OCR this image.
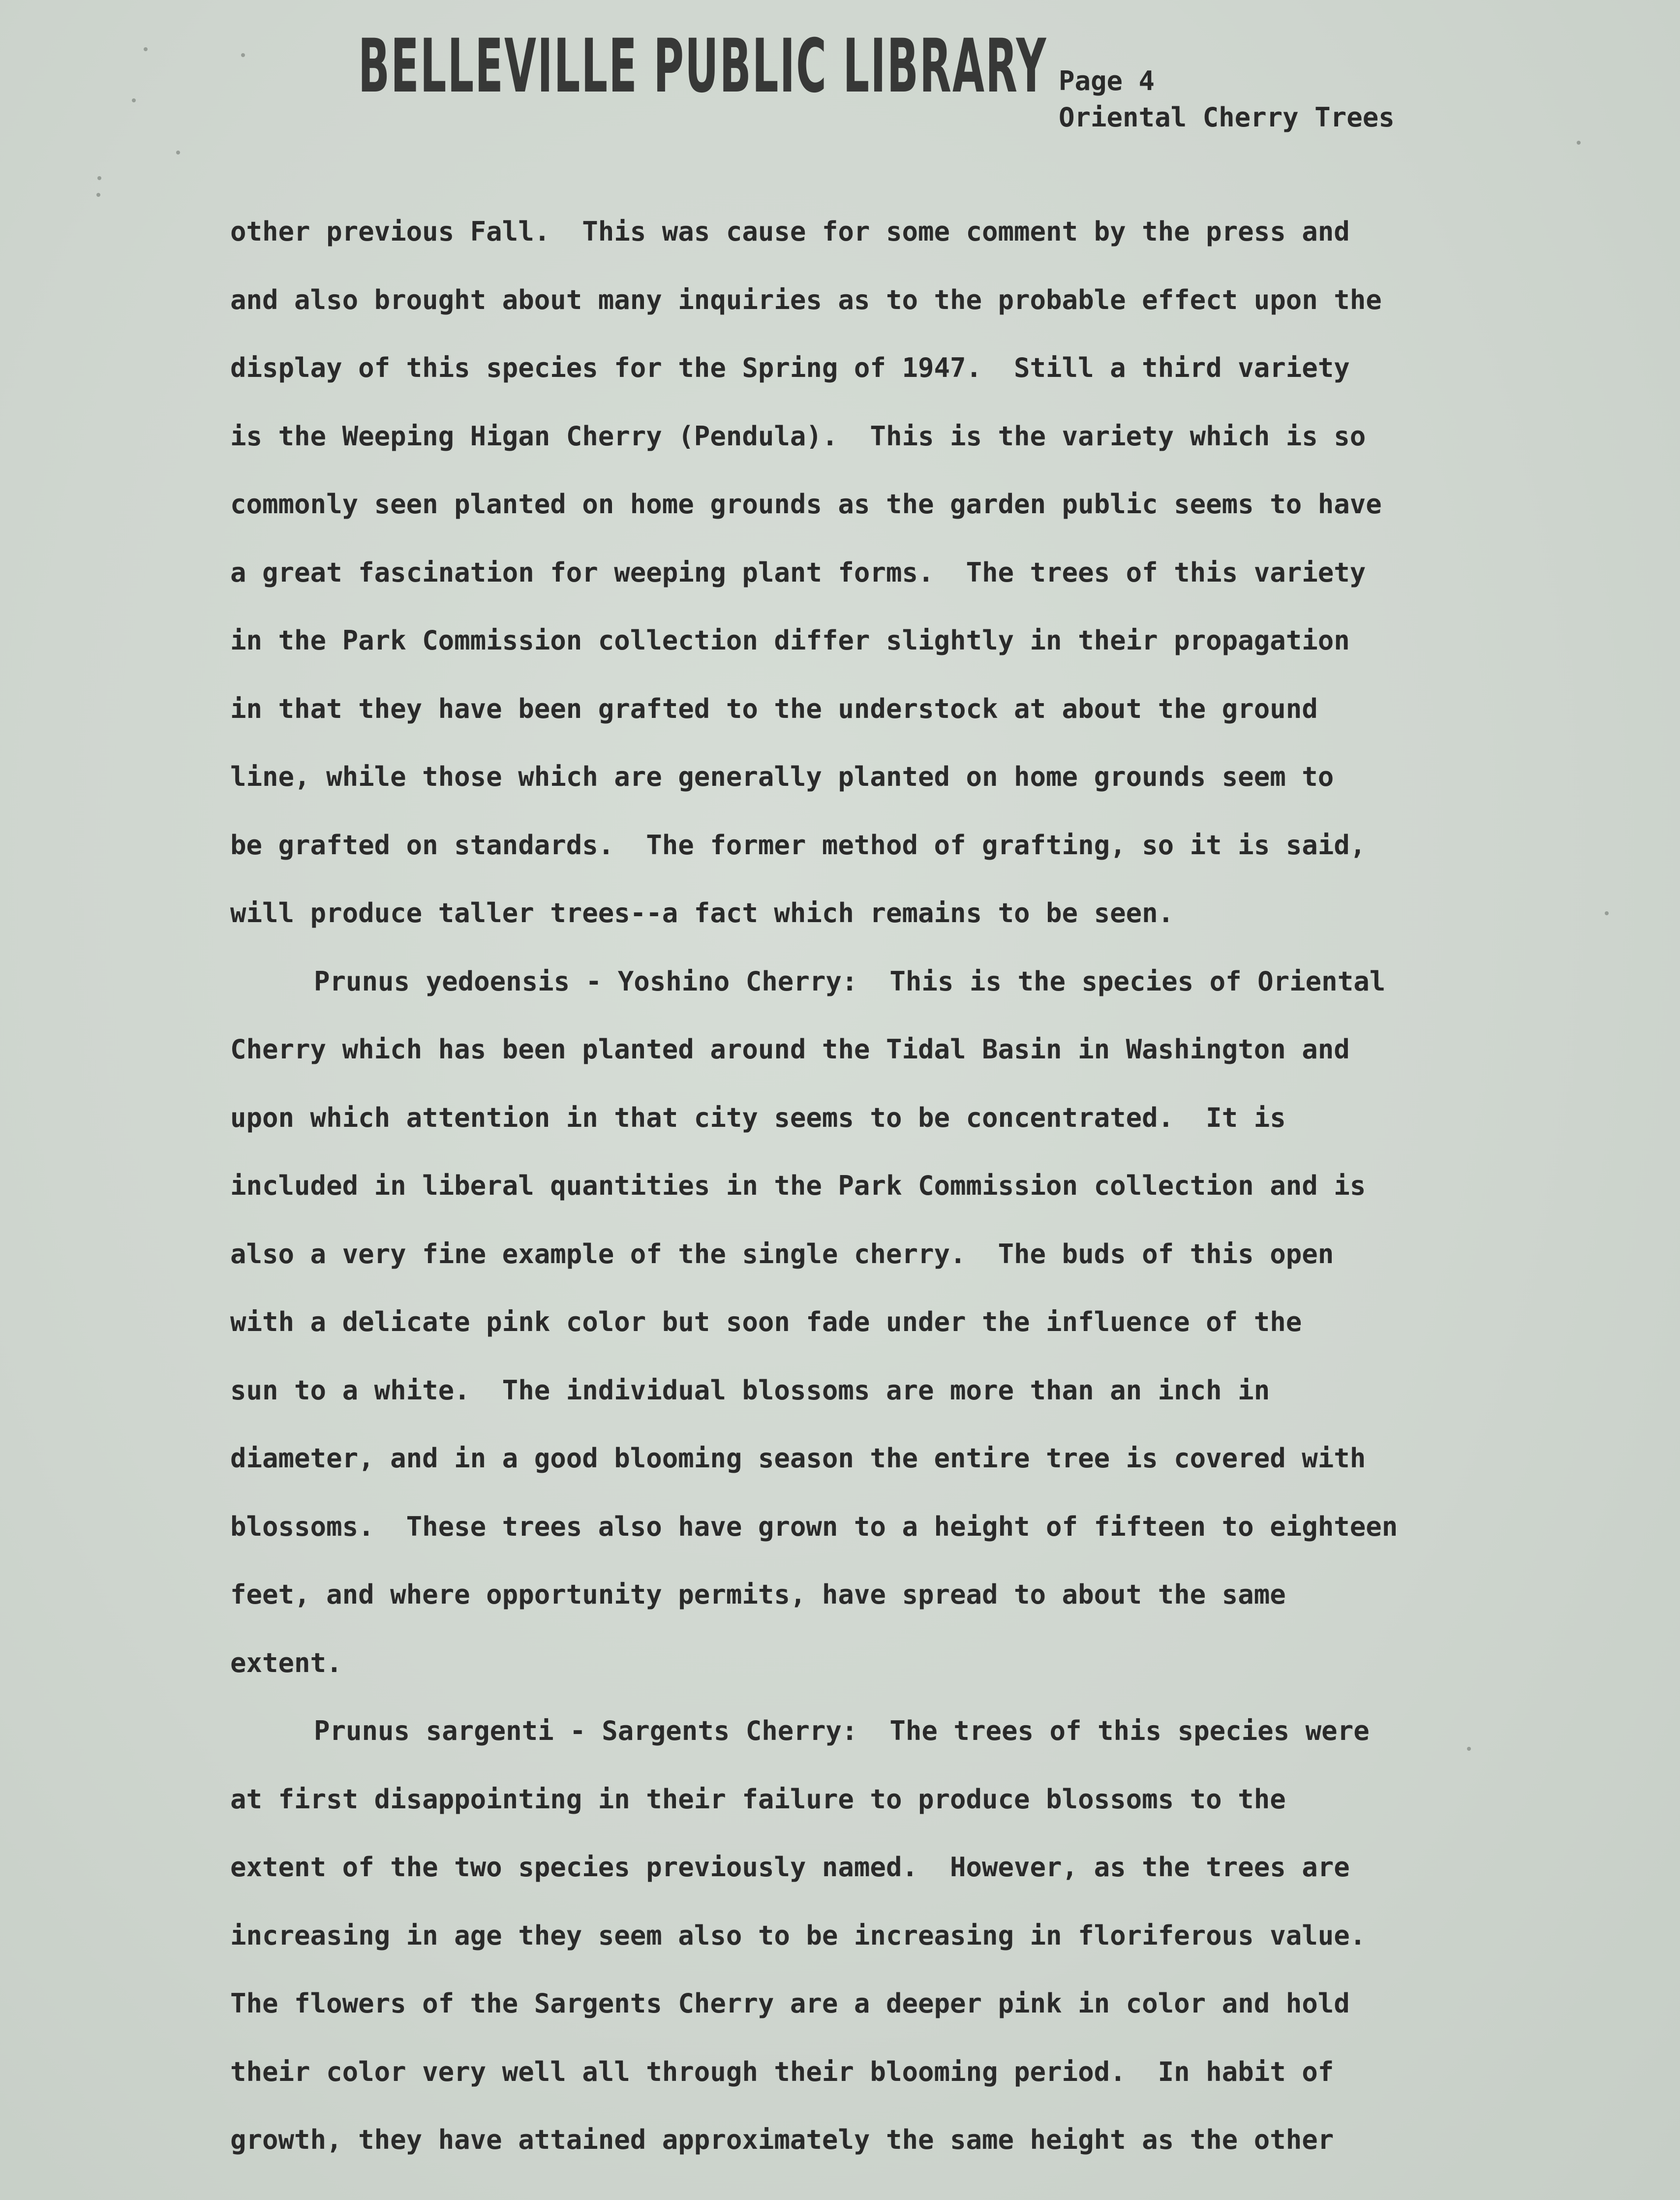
BELLEVILLE PUBLIC LIBRARY Page 4
Oriental Cherry Trees
other previous Fall.  This was cause for some comment by the press and
and also brought about many inquiries as to the probable effect upon the
display of this species for the Spring of 1947.  Still a third variety
is the Weeping Higan Cherry (Pendula).  This is the variety which is so
commonly seen planted on home grounds as the garden public seems to have
a great fascination for weeping plant forms.  The trees of this variety
in the Park Commission collection differ slightly in their propagation
in that they have been grafted to the understock at about the ground
line, while those which are generally planted on home grounds seem to
be grafted on standards.  The former method of grafting, so it is said,
will produce taller trees--a fact which remains to be seen.
Prunus yedoensis - Yoshino Cherry:  This is the species of Oriental
Cherry which has been planted around the Tidal Basin in Washington and
upon which attention in that city seems to be concentrated.  It is
included in liberal quantities in the Park Commission collection and is
also a very fine example of the single cherry.  The buds of this open
with a delicate pink color but soon fade under the influence of the
sun to a white.  The individual blossoms are more than an inch in
diameter, and in a good blooming season the entire tree is covered with
blossoms.  These trees also have grown to a height of fifteen to eighteen
feet, and where opportunity permits, have spread to about the same
extent.
Prunus sargenti - Sargents Cherry:  The trees of this species were
at first disappointing in their failure to produce blossoms to the
extent of the two species previously named.  However, as the trees are
increasing in age they seem also to be increasing in floriferous value.
The flowers of the Sargents Cherry are a deeper pink in color and hold
their color very well all through their blooming period.  In habit of
growth, they have attained approximately the same height as the other
